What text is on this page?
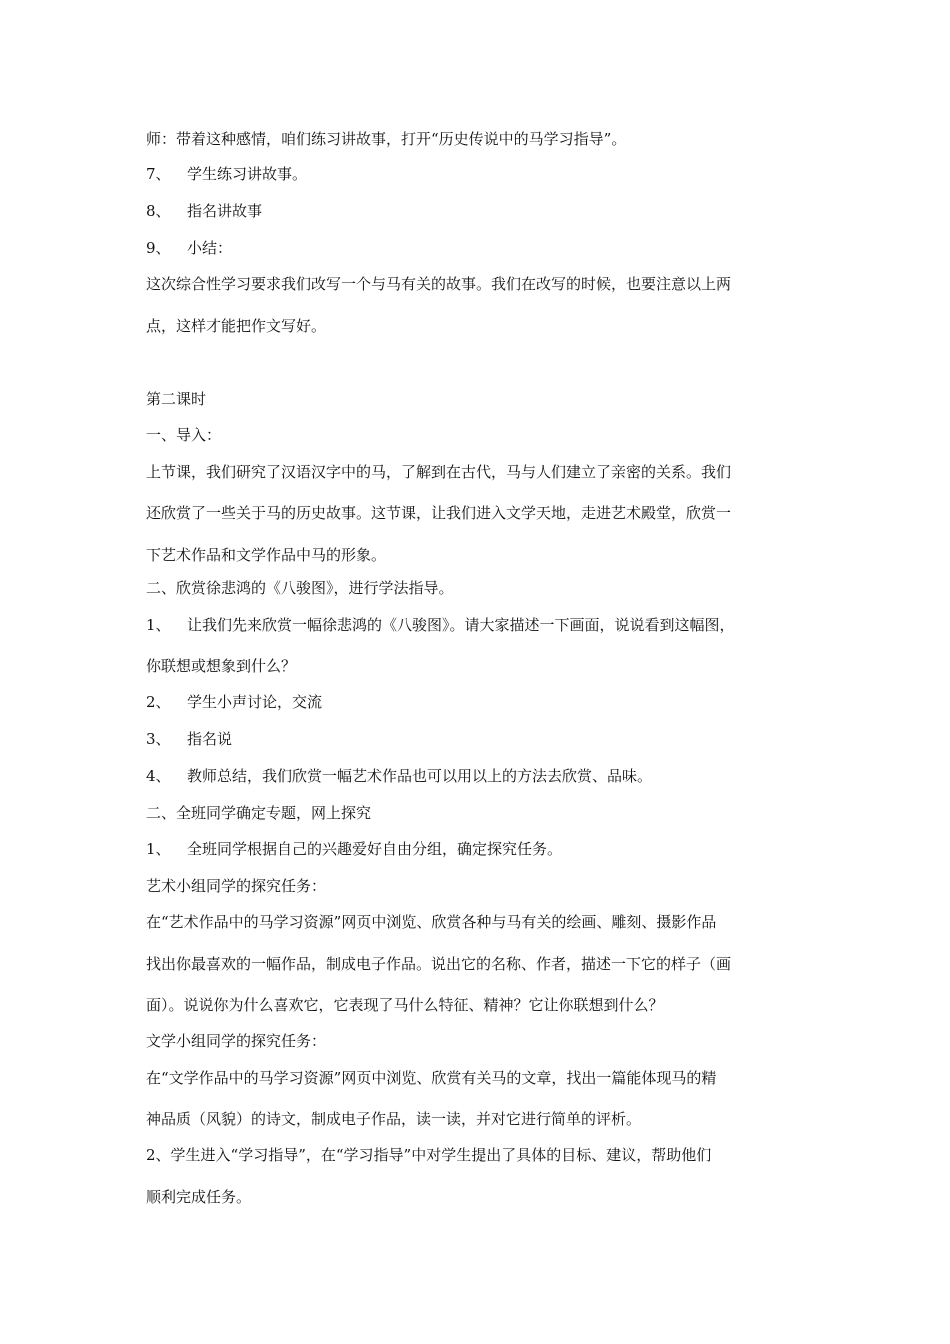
师：带着这种感情，咱们练习讲故事，打开“历史传说中的马学习指导”。
7、 学生练习讲故事。
8、 指名讲故事
9、 小结：
这次综合性学习要求我们改写一个与马有关的故事。我们在改写的时候，也要注意以上两
点，这样才能把作文写好。
第二课时
一、导入：
上节课，我们研究了汉语汉字中的马，了解到在古代，马与人们建立了亲密的关系。我们
还欣赏了一些关于马的历史故事。这节课，让我们进入文学天地，走进艺术殿堂，欣赏一
下艺术作品和文学作品中马的形象。
二、欣赏徐悲鸿的《八骏图》，进行学法指导。
1、 让我们先来欣赏一幅徐悲鸿的《八骏图》。请大家描述一下画面，说说看到这幅图，
你联想或想象到什么？
2、 学生小声讨论，交流
3、 指名说
4、 教师总结，我们欣赏一幅艺术作品也可以用以上的方法去欣赏、品味。
二、全班同学确定专题，网上探究
1、 全班同学根据自己的兴趣爱好自由分组，确定探究任务。
艺术小组同学的探究任务：
在“艺术作品中的马学习资源”网页中浏览、欣赏各种与马有关的绘画、雕刻、摄影作品
找出你最喜欢的一幅作品，制成电子作品。说出它的名称、作者，描述一下它的样子（画
面）。说说你为什么喜欢它，它表现了马什么特征、精神？它让你联想到什么？
文学小组同学的探究任务：
在“文学作品中的马学习资源”网页中浏览、欣赏有关马的文章，找出一篇能体现马的精
神品质（风貌）的诗文，制成电子作品，读一读，并对它进行简单的评析。
2、学生进入“学习指导”，在“学习指导”中对学生提出了具体的目标、建议，帮助他们
顺利完成任务。
